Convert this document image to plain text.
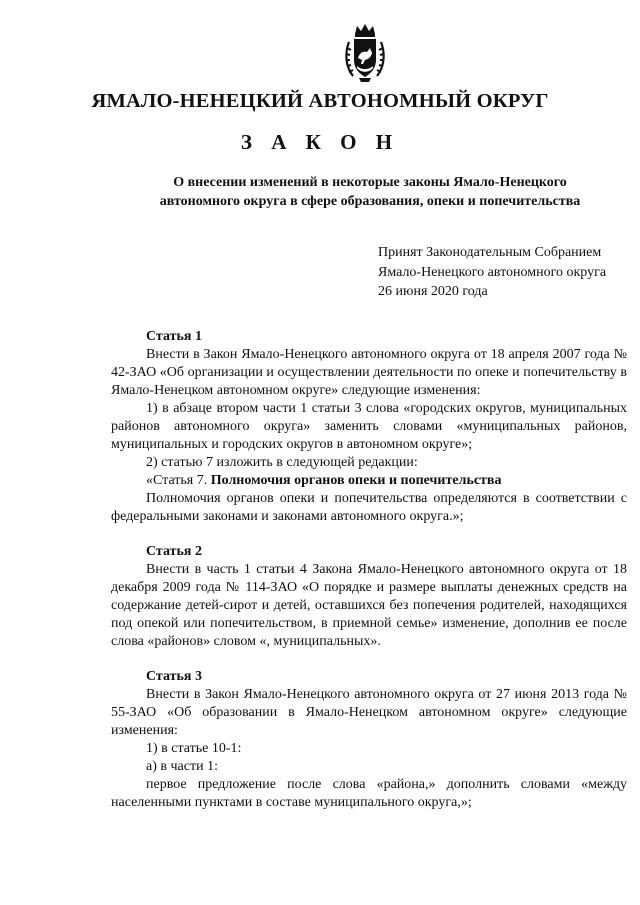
ЯМАЛО-НЕНЕЦКИЙ АВТОНОМНЫЙ ОКРУГ
З А К О Н
О внесении изменений в некоторые законы Ямало-Ненецкого
автономного округа в сфере образования, опеки и попечительства
Принят Законодательным Собранием
Ямало-Ненецкого автономного округа
26 июня 2020 года

Статья 1

Внести в Закон Ямало-Ненецкого автономного округа от 18 апреля 2007 года № 42-ЗАО «Об организации и осуществлении деятельности по опеке и попечительству в Ямало-Ненецком автономном округе» следующие изменения:

1) в абзаце втором части 1 статьи 3 слова «городских округов, муниципальных районов автономного округа» заменить словами «муниципальных районов, муниципальных и городских округов в автономном округе»;

2) статью 7 изложить в следующей редакции:

«Статья 7. Полномочия органов опеки и попечительства

Полномочия органов опеки и попечительства определяются в соответствии с федеральными законами и законами автономного округа.»;

Статья 2

Внести в часть 1 статьи 4 Закона Ямало-Ненецкого автономного округа от 18 декабря 2009 года № 114-ЗАО «О порядке и размере выплаты денежных средств на содержание детей-сирот и детей, оставшихся без попечения родителей, находящихся под опекой или попечительством, в приемной семье» изменение, дополнив ее после слова «районов» словом «, муниципальных».

Статья 3

Внести в Закон Ямало-Ненецкого автономного округа от 27 июня 2013 года № 55-ЗАО «Об образовании в Ямало-Ненецком автономном округе» следующие изменения:

1) в статье 10-1:

а) в части 1:

первое предложение после слова «района,» дополнить словами «между населенными пунктами в составе муниципального округа,»;
